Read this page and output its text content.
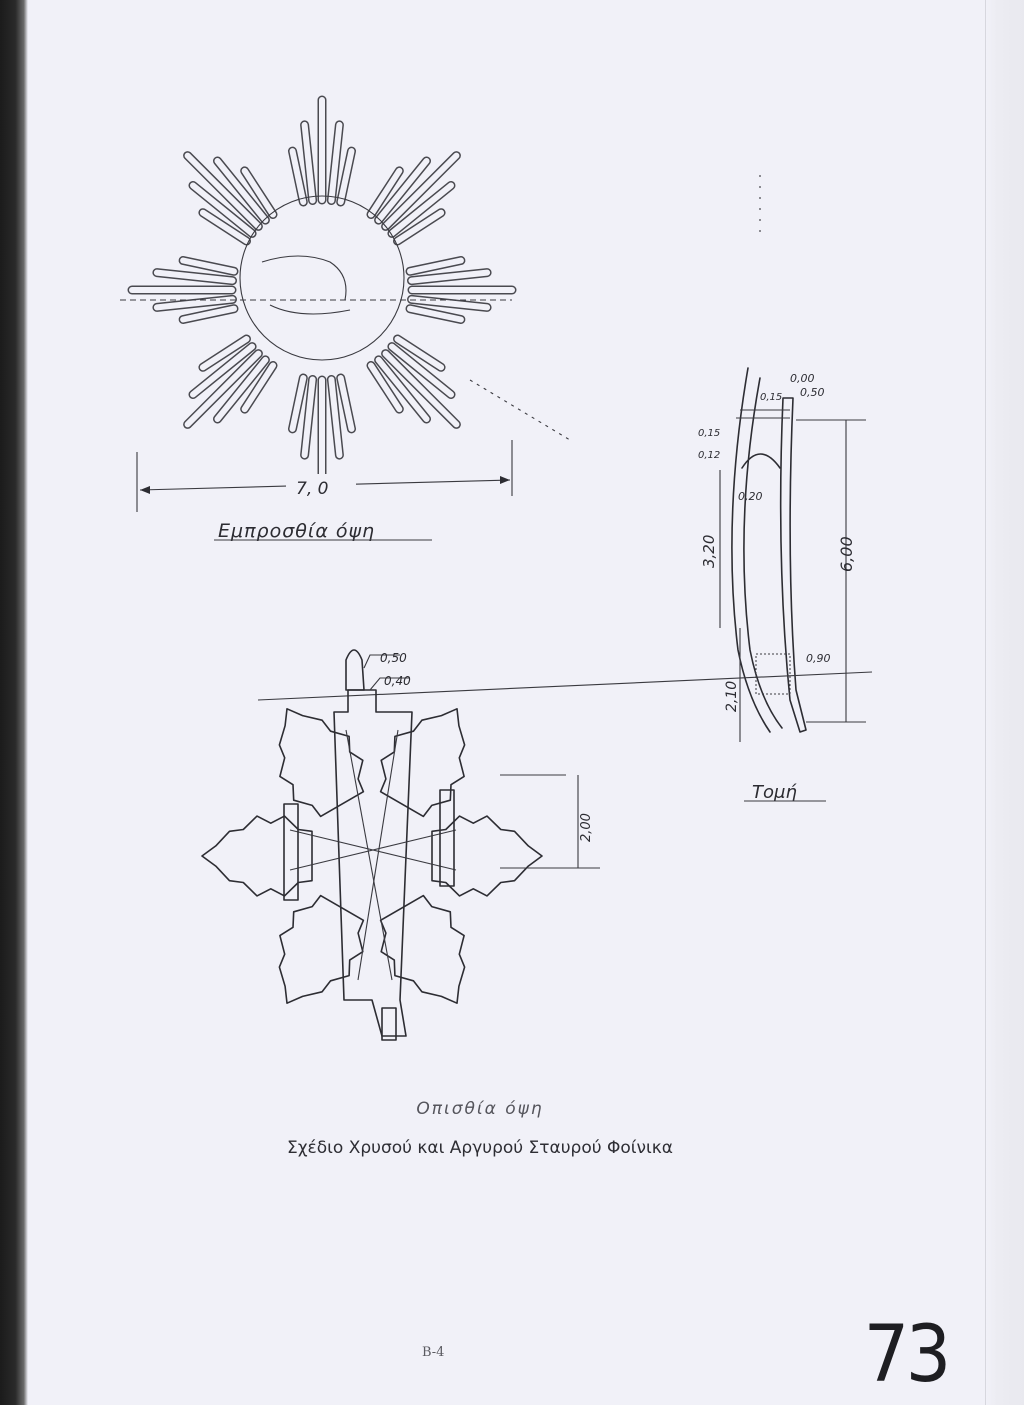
7, 0
Εμπροσθία όψη
0,00
0,50
0,15
0,15
0,12
0,20
3,20	6,00
2,10
0,90
Τομή
2,00
0,50
0,40
Οπισθία όψη
Σχέδιο Χρυσού και Αργυρού Σταυρού Φοίνικα
B-4	73
